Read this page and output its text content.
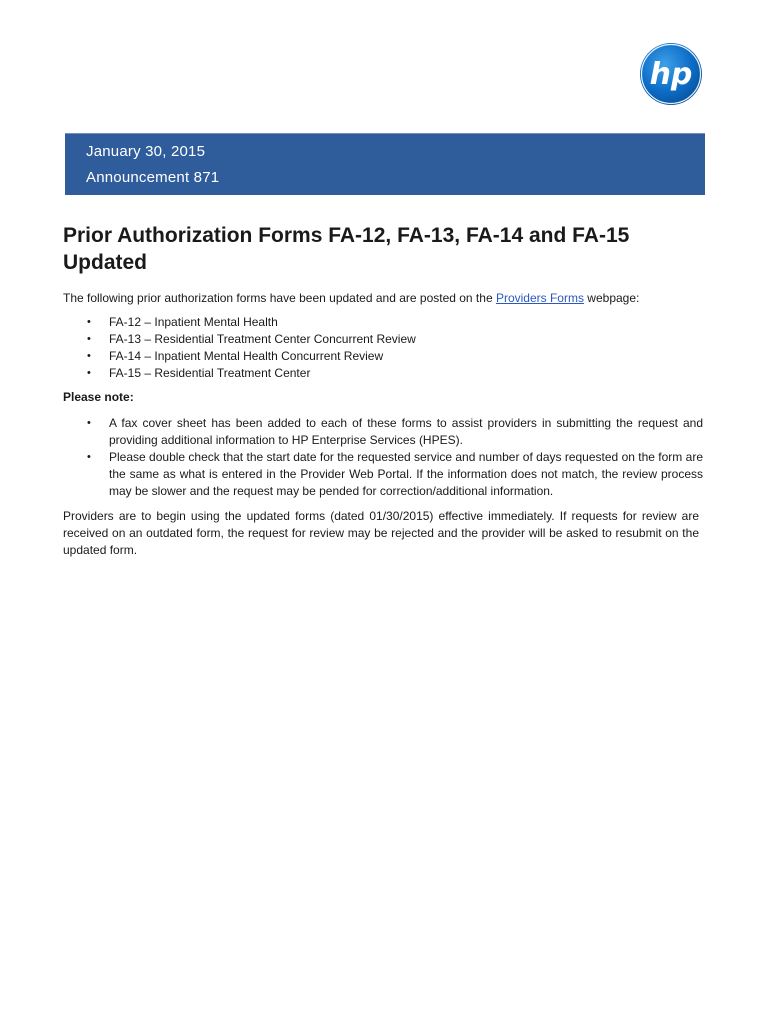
hp
January 30, 2015
Announcement 871
Prior Authorization Forms FA-12, FA-13, FA-14 and FA-15 Updated

The following prior authorization forms have been updated and are posted on the Providers Forms webpage:

• FA-12 – Inpatient Mental Health
• FA-13 – Residential Treatment Center Concurrent Review
• FA-14 – Inpatient Mental Health Concurrent Review
• FA-15 – Residential Treatment Center

Please note:

• A fax cover sheet has been added to each of these forms to assist providers in submitting the request and providing additional information to HP Enterprise Services (HPES).
• Please double check that the start date for the requested service and number of days requested on the form are the same as what is entered in the Provider Web Portal. If the information does not match, the review process may be slower and the request may be pended for correction/additional information.

Providers are to begin using the updated forms (dated 01/30/2015) effective immediately. If requests for review are received on an outdated form, the request for review may be rejected and the provider will be asked to resubmit on the updated form.
